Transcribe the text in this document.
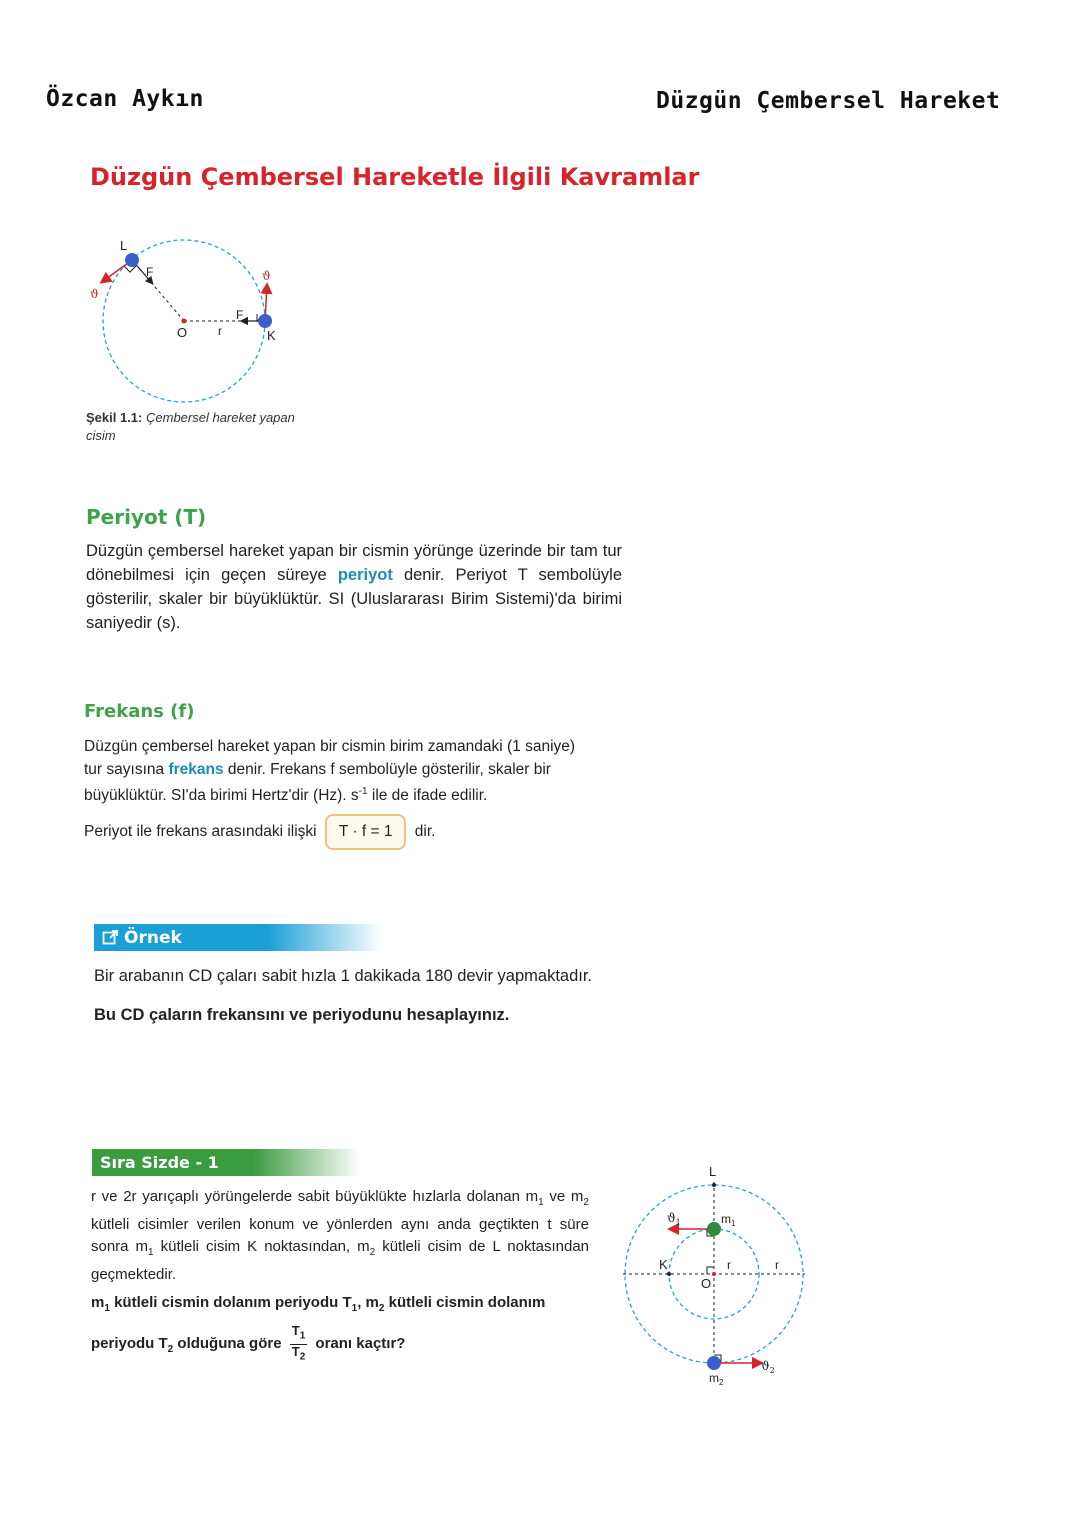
Özcan Aykın	Düzgün Çembersel Hareket
Düzgün Çembersel Hareketle İlgili Kavramlar
L
K
O	r
F
F
ϑ
ϑ
Şekil 1.1: Çembersel hareket yapan cisim
Periyot (T)
Düzgün çembersel hareket yapan bir cismin yörünge üzerinde bir tam tur dönebilmesi için geçen süreye periyot denir. Periyot T sembolüyle gösterilir, skaler bir büyüklüktür. SI (Uluslararası Birim Sistemi)'da birimi saniyedir (s).
Frekans (f)
Düzgün çembersel hareket yapan bir cismin birim zamandaki (1 saniye) tur sayısına frekans denir. Frekans f sembolüyle gösterilir, skaler bir büyüklüktür. SI'da birimi Hertz'dir (Hz). $s^{-1}$ ile de ifade edilir.
Periyot ile frekans arasındaki ilişki T · f = 1 dir.
Örnek
Bir arabanın CD çaları sabit hızla 1 dakikada 180 devir yapmaktadır.
Bu CD çaların frekansını ve periyodunu hesaplayınız.
Sıra Sizde - 1
r ve 2r yarıçaplı yörüngelerde sabit büyüklükte hızlarla dolanan $m_1$ ve $m_2$ kütleli cisimler verilen konum ve yönlerden aynı anda geçtikten t süre sonra $m_1$ kütleli cisim K noktasından, $m_2$ kütleli cisim de L noktasından geçmektedir.
$m_1$ kütleli cismin dolanım periyodu $T_1$, $m_2$ kütleli cismin dolanım periyodu $T_2$ olduğuna göre $\frac{T_1}{T_2}$ oranı kaçtır?
L
K
O
r	r
$m_1$
$m_2$
$ϑ_1$
$ϑ_2$
